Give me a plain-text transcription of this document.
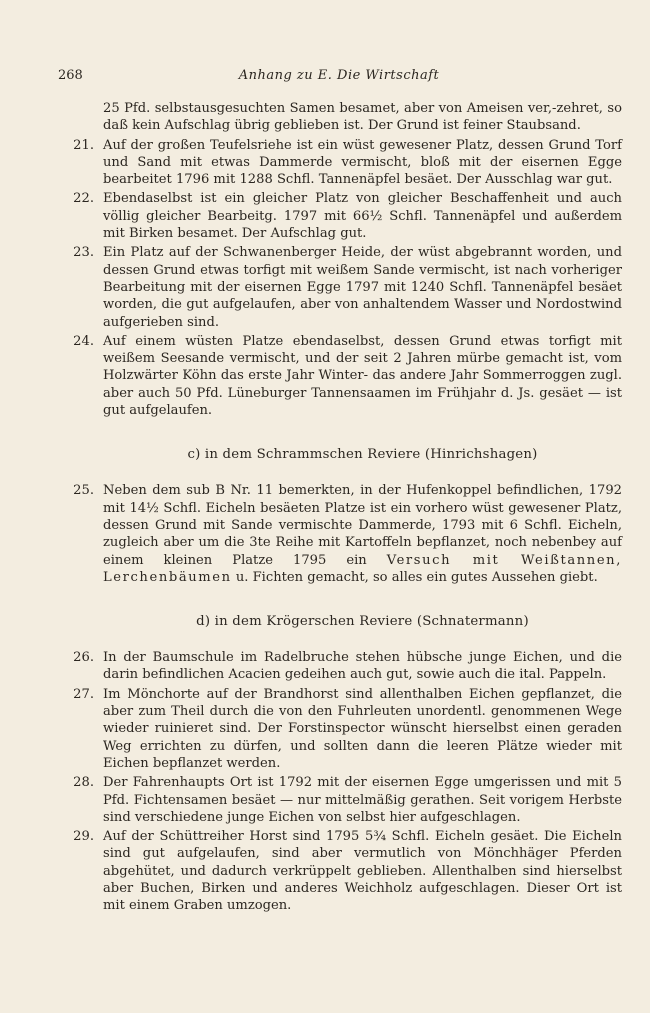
268	Anhang zu E. Die Wirtschaft
25 Pfd. selbstausgesuchten Samen besamet, aber von Ameisen ver,-zehret, so daß kein Aufschlag übrig geblieben ist. Der Grund ist feiner Staubsand.
21. Auf der großen Teufelsriehe ist ein wüst gewesener Platz, dessen Grund Torf und Sand mit etwas Dammerde vermischt, bloß mit der eisernen Egge bearbeitet 1796 mit 1288 Schfl. Tannenäpfel besäet. Der Ausschlag war gut.
22. Ebendaselbst ist ein gleicher Platz von gleicher Beschaffenheit und auch völlig gleicher Bearbeitg. 1797 mit 66½ Schfl. Tannenäpfel und außerdem mit Birken besamet. Der Aufschlag gut.
23. Ein Platz auf der Schwanenberger Heide, der wüst abgebrannt worden, und dessen Grund etwas torfigt mit weißem Sande vermischt, ist nach vorheriger Bearbeitung mit der eisernen Egge 1797 mit 1240 Schfl. Tannenäpfel besäet worden, die gut aufgelaufen, aber von anhaltendem Wasser und Nordostwind aufgerieben sind.
24. Auf einem wüsten Platze ebendaselbst, dessen Grund etwas torfigt mit weißem Seesande vermischt, und der seit 2 Jahren mürbe gemacht ist, vom Holzwärter Köhn das erste Jahr Winter- das andere Jahr Sommerroggen zugl. aber auch 50 Pfd. Lüneburger Tannensaamen im Frühjahr d. Js. gesäet — ist gut aufgelaufen.
c) in dem Schrammschen Reviere (Hinrichshagen)
25. Neben dem sub B Nr. 11 bemerkten, in der Hufenkoppel befindlichen, 1792 mit 14½ Schfl. Eicheln besäeten Platze ist ein vorhero wüst gewesener Platz, dessen Grund mit Sande vermischte Dammerde, 1793 mit 6 Schfl. Eicheln, zugleich aber um die 3te Reihe mit Kartoffeln bepflanzet, noch nebenbey auf einem kleinen Platze 1795 ein Versuch mit Weißtannen, Lerchenbäumen u. Fichten gemacht, so alles ein gutes Aussehen giebt.
d) in dem Krögerschen Reviere (Schnatermann)
26. In der Baumschule im Radelbruche stehen hübsche junge Eichen, und die darin befindlichen Acacien gedeihen auch gut, sowie auch die ital. Pappeln.
27. Im Mönchorte auf der Brandhorst sind allenthalben Eichen gepflanzet, die aber zum Theil durch die von den Fuhrleuten unordentl. genommenen Wege wieder ruinieret sind. Der Forstinspector wünscht hierselbst einen geraden Weg errichten zu dürfen, und sollten dann die leeren Plätze wieder mit Eichen bepflanzet werden.
28. Der Fahrenhaupts Ort ist 1792 mit der eisernen Egge umgerissen und mit 5 Pfd. Fichtensamen besäet — nur mittelmäßig gerathen. Seit vorigem Herbste sind verschiedene junge Eichen von selbst hier aufgeschlagen.
29. Auf der Schüttreiher Horst sind 1795 5¾ Schfl. Eicheln gesäet. Die Eicheln sind gut aufgelaufen, sind aber vermutlich von Mönchhäger Pferden abgehütet, und dadurch verkrüppelt geblieben. Allenthalben sind hierselbst aber Buchen, Birken und anderes Weichholz aufgeschlagen. Dieser Ort ist mit einem Graben umzogen.
